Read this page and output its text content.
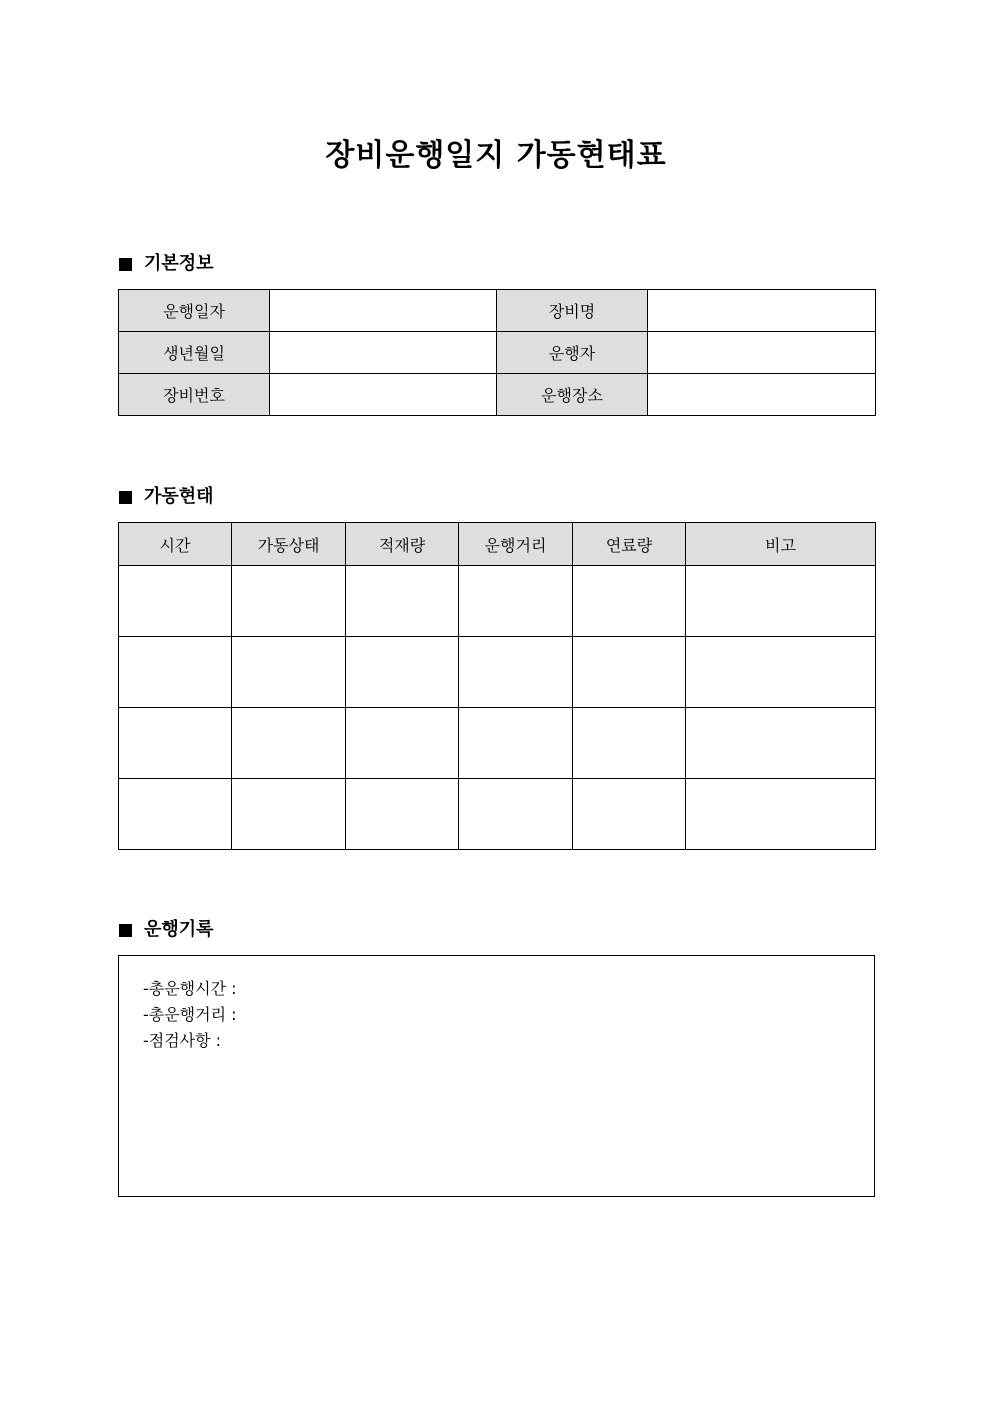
장비운행일지 가동현태표
기본정보
운행일자		장비명	
생년월일		운행자	
장비번호		운행장소	
가동현태
시간	가동상태	적재량	운행거리	연료량	비고

운행기록
-총운행시간 :
-총운행거리 :
-점검사항 :
